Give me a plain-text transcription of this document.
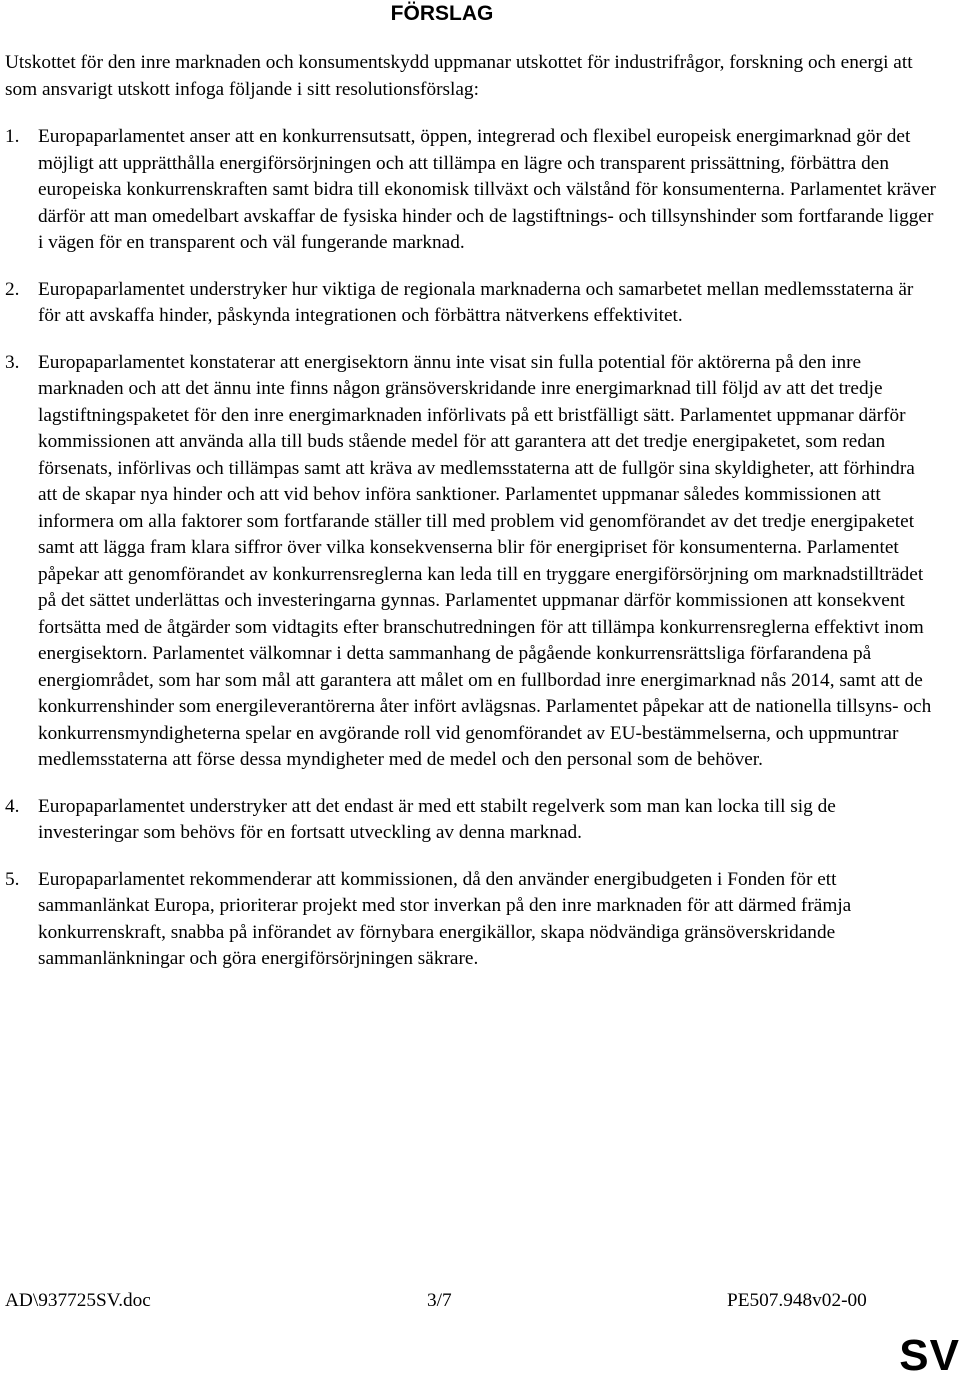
FÖRSLAG
Utskottet för den inre marknaden och konsumentskydd uppmanar utskottet för industrifrågor, forskning och energi att som ansvarigt utskott infoga följande i sitt resolutionsförslag:
1. Europaparlamentet anser att en konkurrensutsatt, öppen, integrerad och flexibel europeisk energimarknad gör det möjligt att upprätthålla energiförsörjningen och att tillämpa en lägre och transparent prissättning, förbättra den europeiska konkurrenskraften samt bidra till ekonomisk tillväxt och välstånd för konsumenterna. Parlamentet kräver därför att man omedelbart avskaffar de fysiska hinder och de lagstiftnings- och tillsynshinder som fortfarande ligger i vägen för en transparent och väl fungerande marknad.
2. Europaparlamentet understryker hur viktiga de regionala marknaderna och samarbetet mellan medlemsstaterna är för att avskaffa hinder, påskynda integrationen och förbättra nätverkens effektivitet.
3. Europaparlamentet konstaterar att energisektorn ännu inte visat sin fulla potential för aktörerna på den inre marknaden och att det ännu inte finns någon gränsöverskridande inre energimarknad till följd av att det tredje lagstiftningspaketet för den inre energimarknaden införlivats på ett bristfälligt sätt. Parlamentet uppmanar därför kommissionen att använda alla till buds stående medel för att garantera att det tredje energipaketet, som redan försenats, införlivas och tillämpas samt att kräva av medlemsstaterna att de fullgör sina skyldigheter, att förhindra att de skapar nya hinder och att vid behov införa sanktioner. Parlamentet uppmanar således kommissionen att informera om alla faktorer som fortfarande ställer till med problem vid genomförandet av det tredje energipaketet samt att lägga fram klara siffror över vilka konsekvenserna blir för energipriset för konsumenterna. Parlamentet påpekar att genomförandet av konkurrensreglerna kan leda till en tryggare energiförsörjning om marknadstillträdet på det sättet underlättas och investeringarna gynnas. Parlamentet uppmanar därför kommissionen att konsekvent fortsätta med de åtgärder som vidtagits efter branschutredningen för att tillämpa konkurrensreglerna effektivt inom energisektorn. Parlamentet välkomnar i detta sammanhang de pågående konkurrensrättsliga förfarandena på energiområdet, som har som mål att garantera att målet om en fullbordad inre energimarknad nås 2014, samt att de konkurrenshinder som energileverantörerna åter infört avlägsnas. Parlamentet påpekar att de nationella tillsyns- och konkurrensmyndigheterna spelar en avgörande roll vid genomförandet av EU-bestämmelserna, och uppmuntrar medlemsstaterna att förse dessa myndigheter med de medel och den personal som de behöver.
4. Europaparlamentet understryker att det endast är med ett stabilt regelverk som man kan locka till sig de investeringar som behövs för en fortsatt utveckling av denna marknad.
5. Europaparlamentet rekommenderar att kommissionen, då den använder energibudgeten i Fonden för ett sammanlänkat Europa, prioriterar projekt med stor inverkan på den inre marknaden för att därmed främja konkurrenskraft, snabba på införandet av förnybara energikällor, skapa nödvändiga gränsöverskridande sammanlänkningar och göra energiförsörjningen säkrare.
AD\937725SV.doc	3/7	PE507.948v02-00
SV
